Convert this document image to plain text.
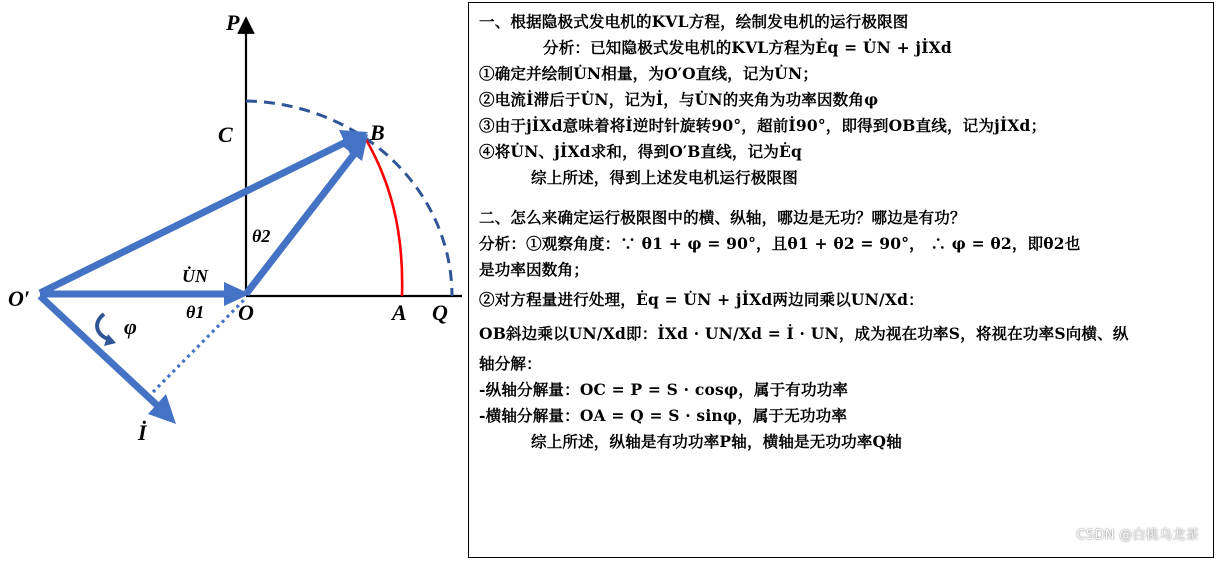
P
C	B
O′
O	A Q
U̇N
θ1
θ2
φ
İ
一、根据隐极式发电机的KVL方程，绘制发电机的运行极限图
分析：已知隐极式发电机的KVL方程为Ėq = U̇N + jİXd
①确定并绘制U̇N相量，为O′O直线，记为U̇N；
②电流İ滞后于U̇N，记为İ，与U̇N的夹角为功率因数角φ
③由于jİXd意味着将İ逆时针旋转90°，超前İ90°，即得到OB直线，记为jİXd；
④将U̇N、jİXd求和，得到O′B直线，记为Ėq
综上所述，得到上述发电机运行极限图
二、怎么来确定运行极限图中的横、纵轴，哪边是无功？哪边是有功？
分析：①观察角度：∵ θ1 + φ = 90°，且θ1 + θ2 = 90°， ∴ φ = θ2，即θ2也
是功率因数角；
②对方程量进行处理，Ėq = U̇N + jİXd两边同乘以UN/Xd：
OB斜边乘以UN/Xd即：İXd · UN/Xd = İ · UN，成为视在功率S，将视在功率S向横、纵
轴分解：
-纵轴分解量：OC = P = S · cosφ，属于有功功率
-横轴分解量：OA = Q = S · sinφ，属于无功功率
综上所述，纵轴是有功功率P轴，横轴是无功功率Q轴
CSDN @白桃乌龙茶
